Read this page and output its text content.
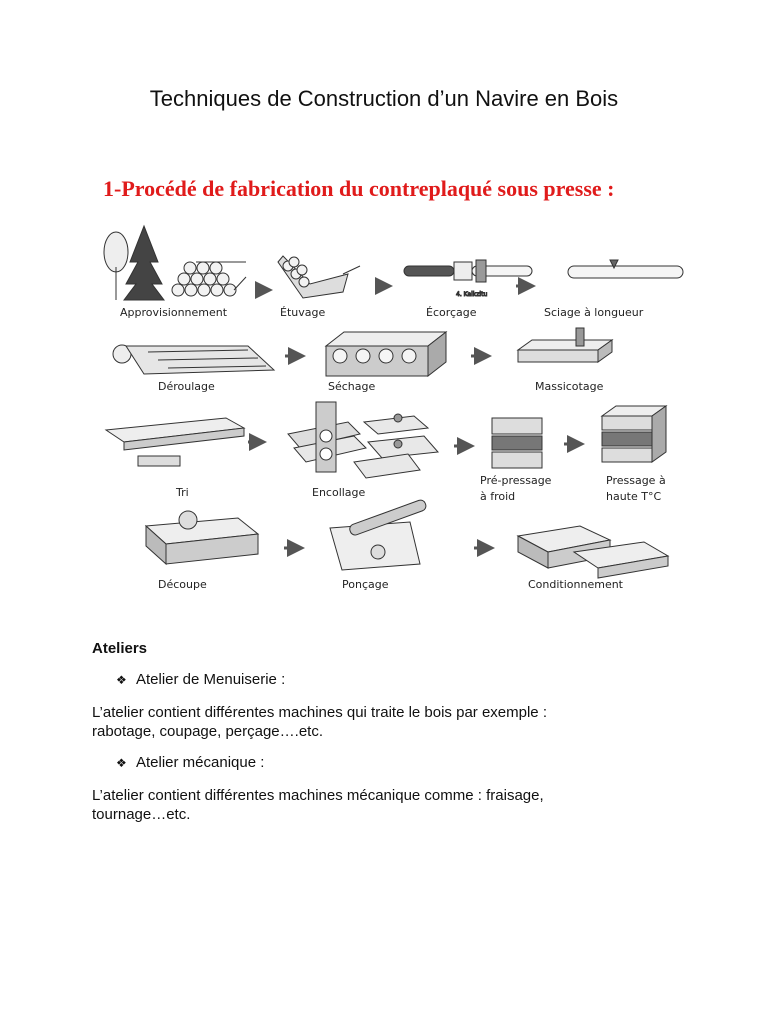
Techniques de Construction d’un Navire en Bois
1-Procédé de fabrication du contreplaqué sous presse :
4. Kalkzitu
Approvisionnement	Étuvage	Écorçage	Sciage à longueur
Déroulage	Séchage	Massicotage
Tri	Encollage
Pré-pressage
à froid
Pressage à
haute T°C
Découpe	Ponçage	Conditionnement
Ateliers
❖ Atelier de Menuiserie :
L’atelier contient différentes machines qui traite le bois par exemple :
rabotage, coupage, perçage….etc.
❖ Atelier mécanique :
L’atelier contient différentes machines mécanique comme : fraisage,
tournage…etc.
